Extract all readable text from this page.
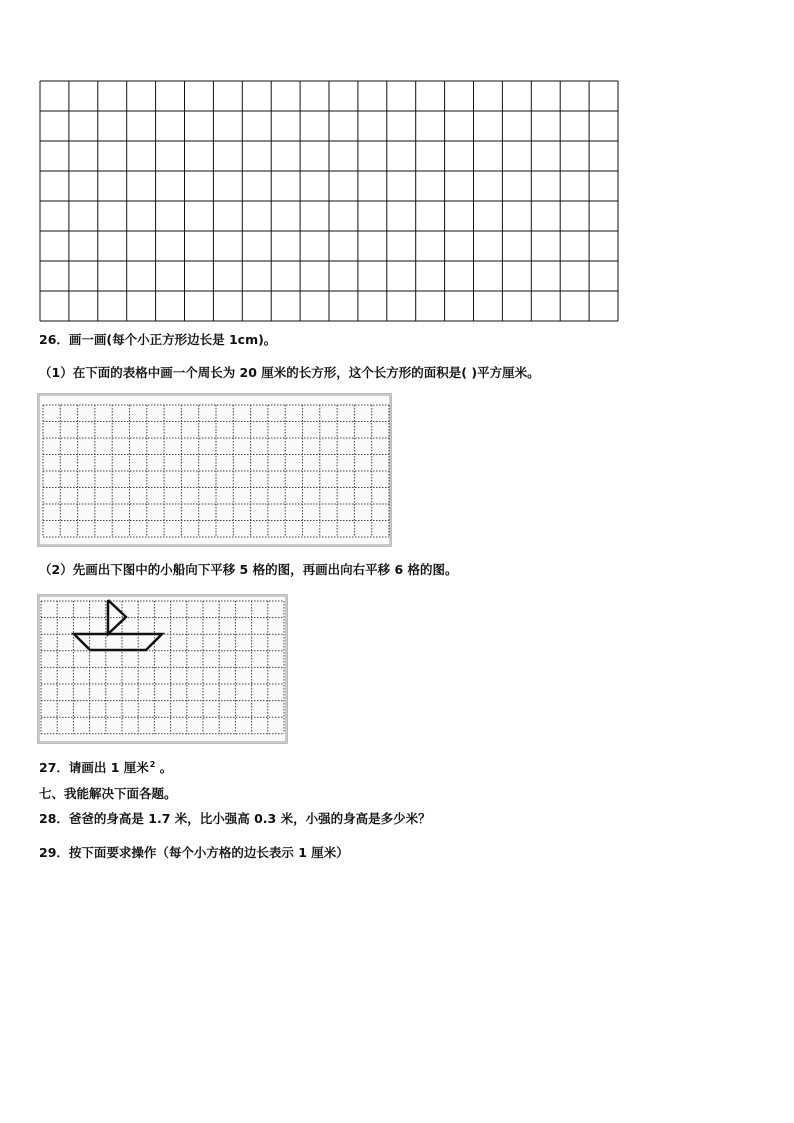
26．画一画(每个小正方形边长是 1cm)。
（1）在下面的表格中画一个周长为 20 厘米的长方形，这个长方形的面积是( )平方厘米。
（2）先画出下图中的小船向下平移 5 格的图，再画出向右平移 6 格的图。
27．请画出 1 厘米$^2$ 。
七、我能解决下面各题。
28．爸爸的身高是 1.7 米，比小强高 0.3 米，小强的身高是多少米？
29．按下面要求操作（每个小方格的边长表示 1 厘米）
